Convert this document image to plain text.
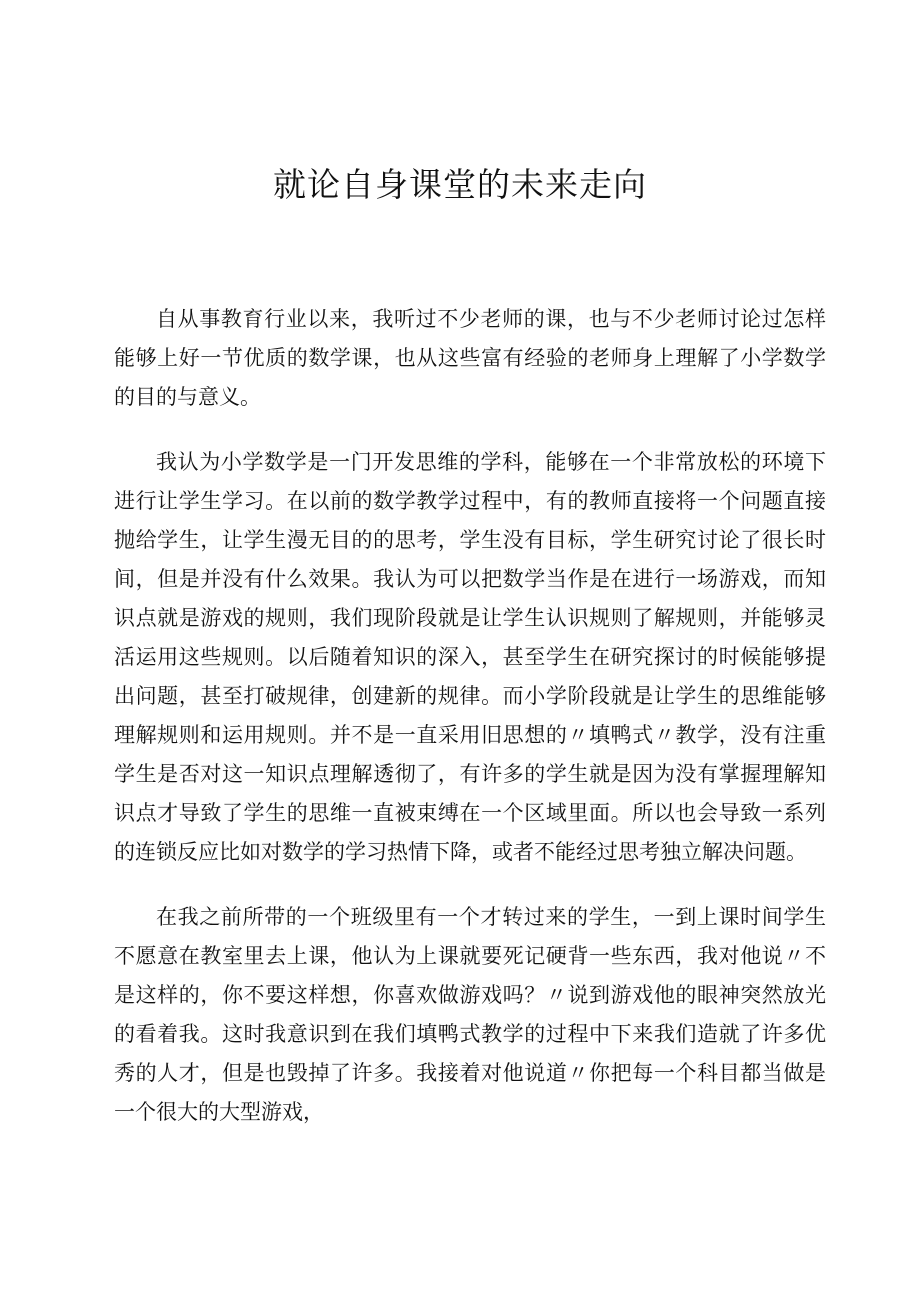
就论自身课堂的未来走向

自从事教育行业以来，我听过不少老师的课，也与不少老师讨论过怎样能够上好一节优质的数学课，也从这些富有经验的老师身上理解了小学数学的目的与意义。

我认为小学数学是一门开发思维的学科，能够在一个非常放松的环境下进行让学生学习。在以前的数学教学过程中，有的教师直接将一个问题直接抛给学生，让学生漫无目的的思考，学生没有目标，学生研究讨论了很长时间，但是并没有什么效果。我认为可以把数学当作是在进行一场游戏，而知识点就是游戏的规则，我们现阶段就是让学生认识规则了解规则，并能够灵活运用这些规则。以后随着知识的深入，甚至学生在研究探讨的时候能够提出问题，甚至打破规律，创建新的规律。而小学阶段就是让学生的思维能够理解规则和运用规则。并不是一直采用旧思想的〃填鸭式〃教学，没有注重学生是否对这一知识点理解透彻了，有许多的学生就是因为没有掌握理解知识点才导致了学生的思维一直被束缚在一个区域里面。所以也会导致一系列的连锁反应比如对数学的学习热情下降，或者不能经过思考独立解决问题。

在我之前所带的一个班级里有一个才转过来的学生，一到上课时间学生不愿意在教室里去上课，他认为上课就要死记硬背一些东西，我对他说〃不是这样的，你不要这样想，你喜欢做游戏吗？〃说到游戏他的眼神突然放光的看着我。这时我意识到在我们填鸭式教学的过程中下来我们造就了许多优秀的人才，但是也毁掉了许多。我接着对他说道〃你把每一个科目都当做是一个很大的大型游戏，
